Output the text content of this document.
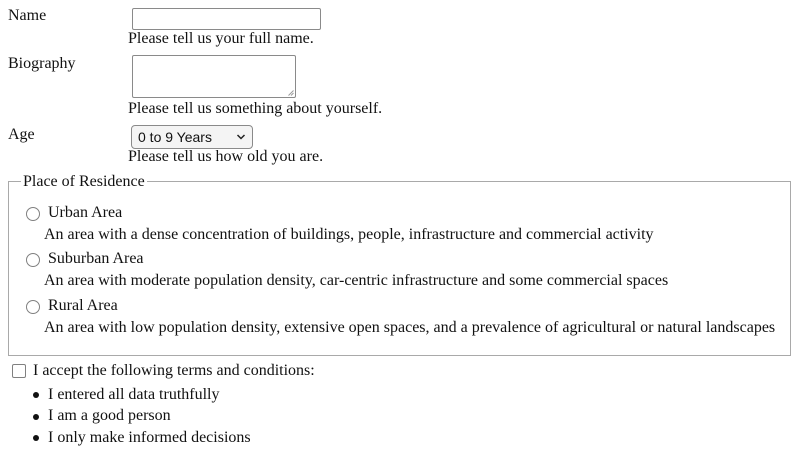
Name
Please tell us your full name.
Biography
Please tell us something about yourself.
Age	0 to 9 Years
Please tell us how old you are.
Place of Residence
Urban Area
An area with a dense concentration of buildings, people, infrastructure and commercial activity
Suburban Area
An area with moderate population density, car-centric infrastructure and some commercial spaces
Rural Area
An area with low population density, extensive open spaces, and a prevalence of agricultural or natural landscapes
I accept the following terms and conditions:
I entered all data truthfully
I am a good person
I only make informed decisions
